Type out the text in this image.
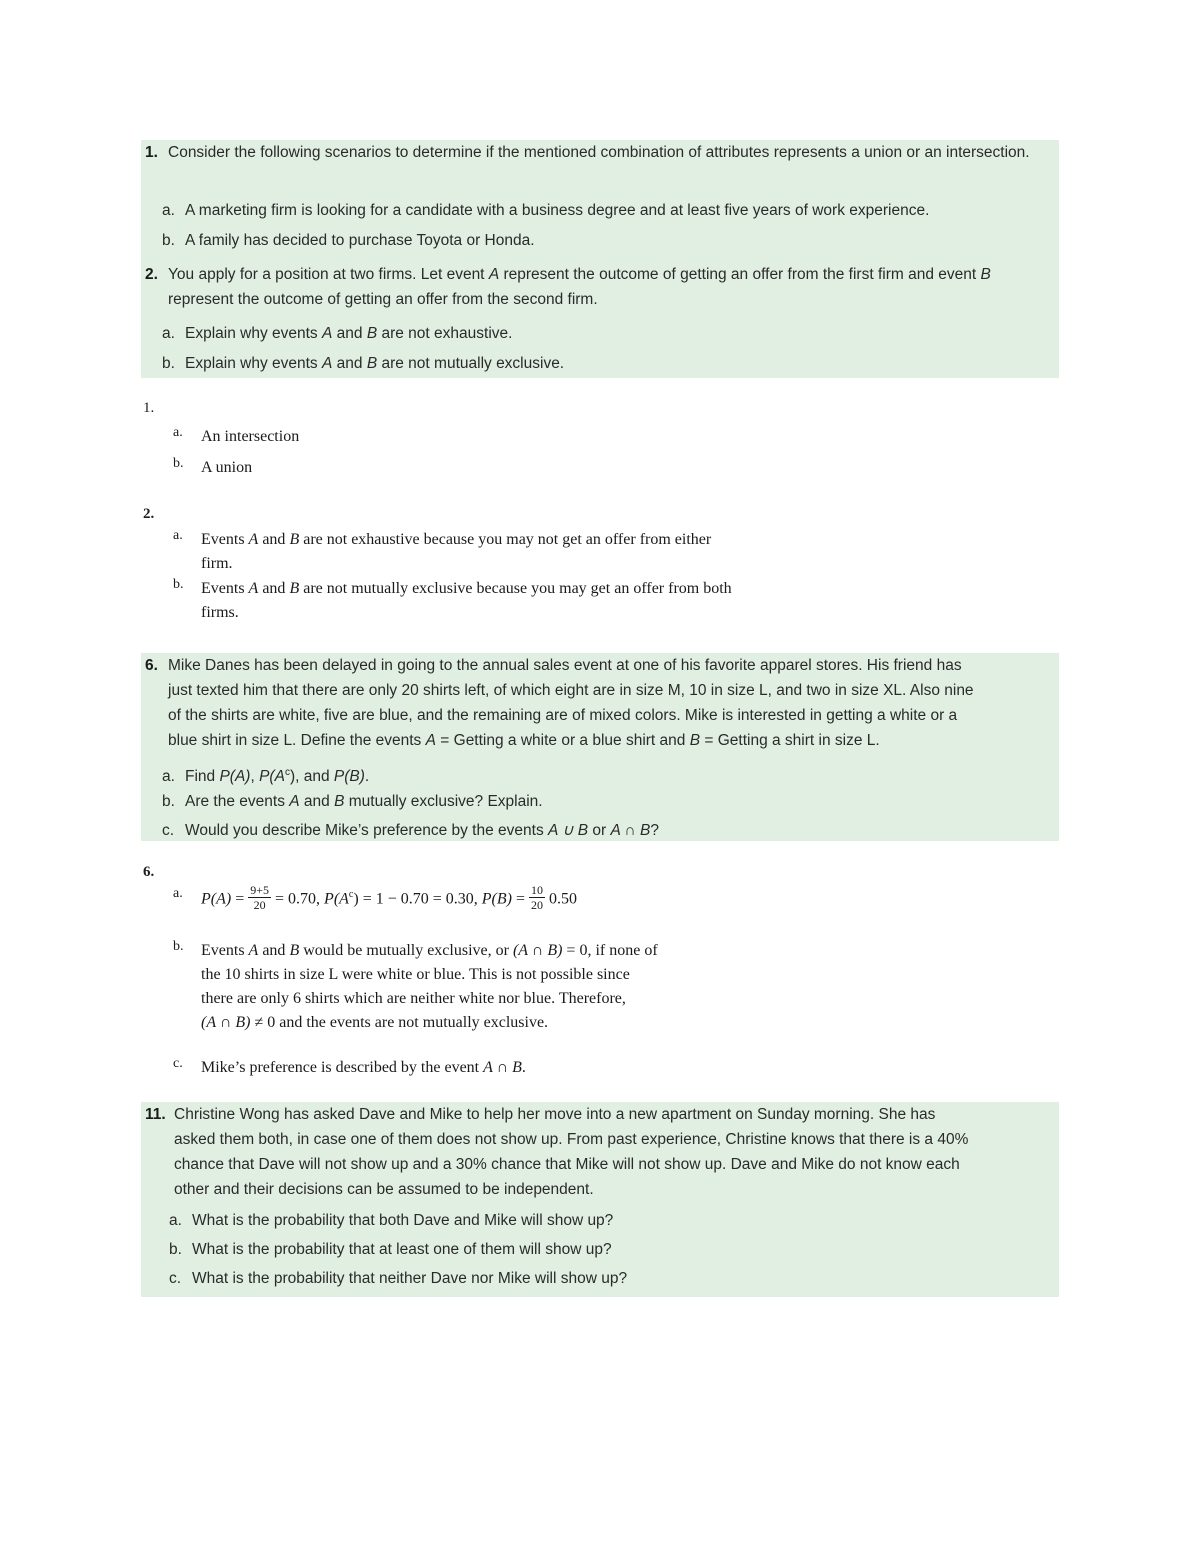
1. Consider the following scenarios to determine if the mentioned combination of attributes represents a union or an intersection.
a. A marketing firm is looking for a candidate with a business degree and at least five years of work experience.
b. A family has decided to purchase Toyota or Honda.
2. You apply for a position at two firms. Let event A represent the outcome of getting an offer from the first firm and event B represent the outcome of getting an offer from the second firm.
a. Explain why events A and B are not exhaustive.
b. Explain why events A and B are not mutually exclusive.
1.
a. An intersection
b. A union
2.
a. Events A and B are not exhaustive because you may not get an offer from either
firm.
b. Events A and B are not mutually exclusive because you may get an offer from both
firms.
6. Mike Danes has been delayed in going to the annual sales event at one of his favorite apparel stores. His friend has
just texted him that there are only 20 shirts left, of which eight are in size M, 10 in size L, and two in size XL. Also nine
of the shirts are white, five are blue, and the remaining are of mixed colors. Mike is interested in getting a white or a
blue shirt in size L. Define the events A = Getting a white or a blue shirt and B = Getting a shirt in size L.
a. Find P(A), $P(A^c)$, and P(B).
b. Are the events A and B mutually exclusive? Explain.
c. Would you describe Mike’s preference by the events A ∪ B or A ∩ B?
6.
a. $P(A) = \frac{9+5}{20} = 0.70$, $P(A^c) = 1 - 0.70 = 0.30$, $P(B) = \frac{10}{20} 0.50$
b. Events A and B would be mutually exclusive, or (A ∩ B) = 0, if none of
the 10 shirts in size L were white or blue. This is not possible since
there are only 6 shirts which are neither white nor blue. Therefore,
(A ∩ B) ≠ 0 and the events are not mutually exclusive.
c. Mike’s preference is described by the event A ∩ B.
11. Christine Wong has asked Dave and Mike to help her move into a new apartment on Sunday morning. She has
asked them both, in case one of them does not show up. From past experience, Christine knows that there is a 40%
chance that Dave will not show up and a 30% chance that Mike will not show up. Dave and Mike do not know each
other and their decisions can be assumed to be independent.
a. What is the probability that both Dave and Mike will show up?
b. What is the probability that at least one of them will show up?
c. What is the probability that neither Dave nor Mike will show up?
